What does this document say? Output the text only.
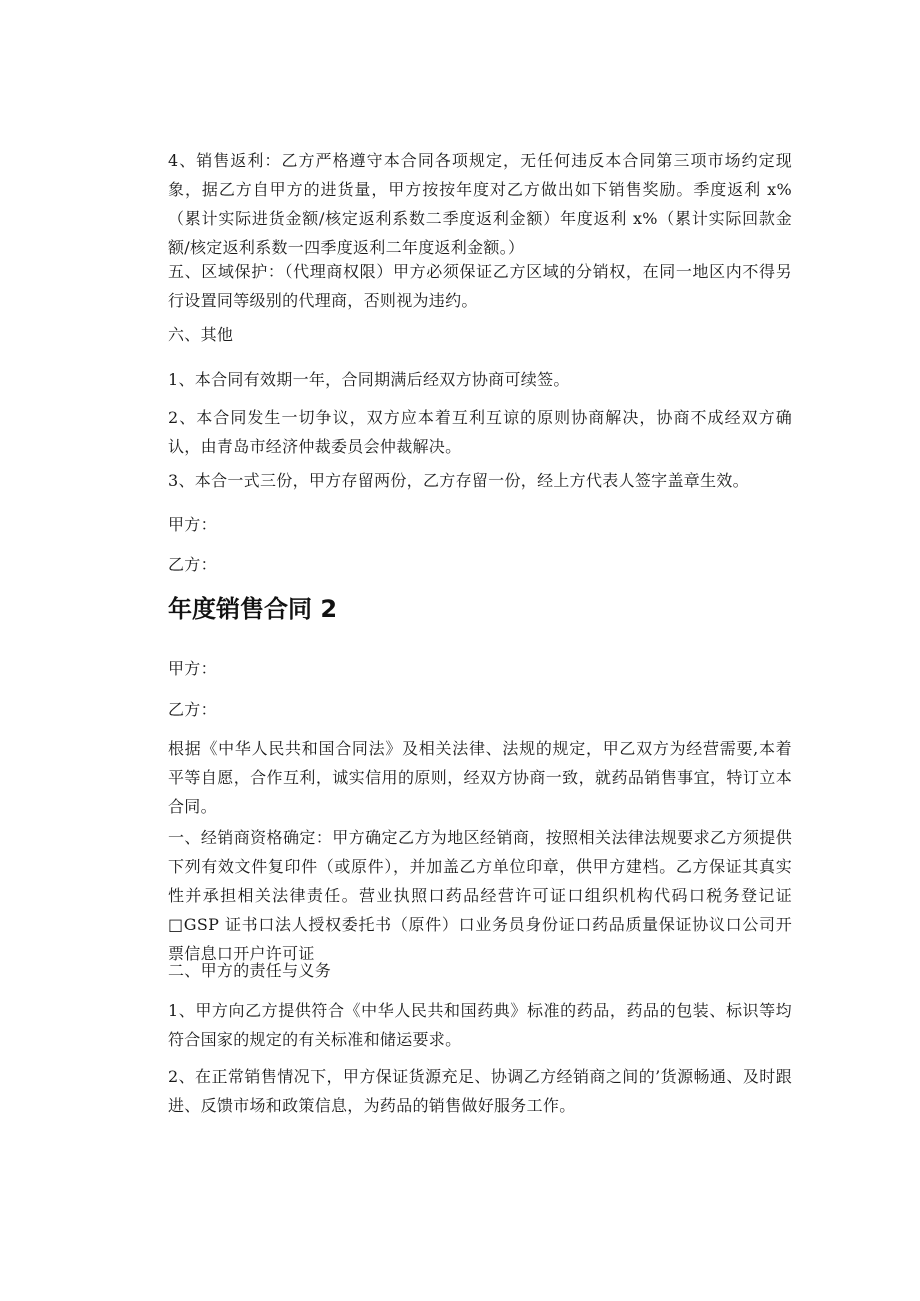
4、销售返利：乙方严格遵守本合同各项规定，无任何违反本合同第三项市场约定现象，据乙方自甲方的进货量，甲方按按年度对乙方做出如下销售奖励。季度返利 x%（累计实际进货金额/核定返利系数二季度返利金额）年度返利 x%（累计实际回款金额/核定返利系数一四季度返利二年度返利金额。）

五、区域保护：（代理商权限）甲方必须保证乙方区域的分销权，在同一地区内不得另行设置同等级别的代理商，否则视为违约。

六、其他

1、本合同有效期一年，合同期满后经双方协商可续签。

2、本合同发生一切争议，双方应本着互利互谅的原则协商解决，协商不成经双方确认，由青岛市经济仲裁委员会仲裁解决。

3、本合一式三份，甲方存留两份，乙方存留一份，经上方代表人签字盖章生效。

甲方：

乙方：

年度销售合同 2

甲方：

乙方：

根据《中华人民共和国合同法》及相关法律、法规的规定，甲乙双方为经营需要,本着平等自愿，合作互利，诚实信用的原则，经双方协商一致，就药品销售事宜，特订立本合同。

一、经销商资格确定：甲方确定乙方为地区经销商，按照相关法律法规要求乙方须提供下列有效文件复印件（或原件），并加盖乙方单位印章，供甲方建档。乙方保证其真实性并承担相关法律责任。营业执照口药品经营许可证口组织机构代码口税务登记证□GSP 证书口法人授权委托书（原件）口业务员身份证口药品质量保证协议口公司开票信息口开户许可证

二、甲方的责任与义务

1、甲方向乙方提供符合《中华人民共和国药典》标准的药品，药品的包装、标识等均符合国家的规定的有关标准和储运要求。

2、在正常销售情况下，甲方保证货源充足、协调乙方经销商之间的’货源畅通、及时跟进、反馈市场和政策信息，为药品的销售做好服务工作。
